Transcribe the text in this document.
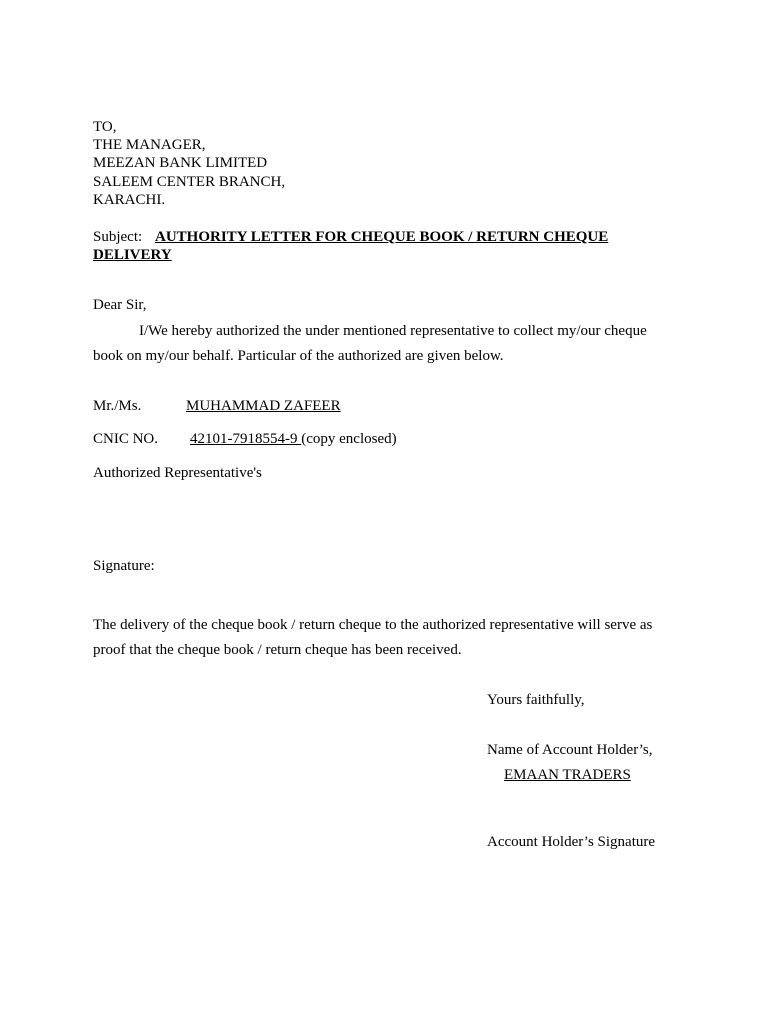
TO,
THE MANAGER,
MEEZAN BANK LIMITED
SALEEM CENTER BRANCH,
KARACHI.
Subject: AUTHORITY LETTER FOR CHEQUE BOOK / RETURN CHEQUE
DELIVERY
Dear Sir,
I/We hereby authorized the under mentioned representative to collect my/our cheque
book on my/our behalf. Particular of the authorized are given below.
Mr./Ms.	MUHAMMAD ZAFEER
CNIC NO. 42101-7918554-9 (copy enclosed)
Authorized Representative's
Signature:
The delivery of the cheque book / return cheque to the authorized representative will serve as
proof that the cheque book / return cheque has been received.
Yours faithfully,
Name of Account Holder’s,
EMAAN TRADERS
Account Holder’s Signature
